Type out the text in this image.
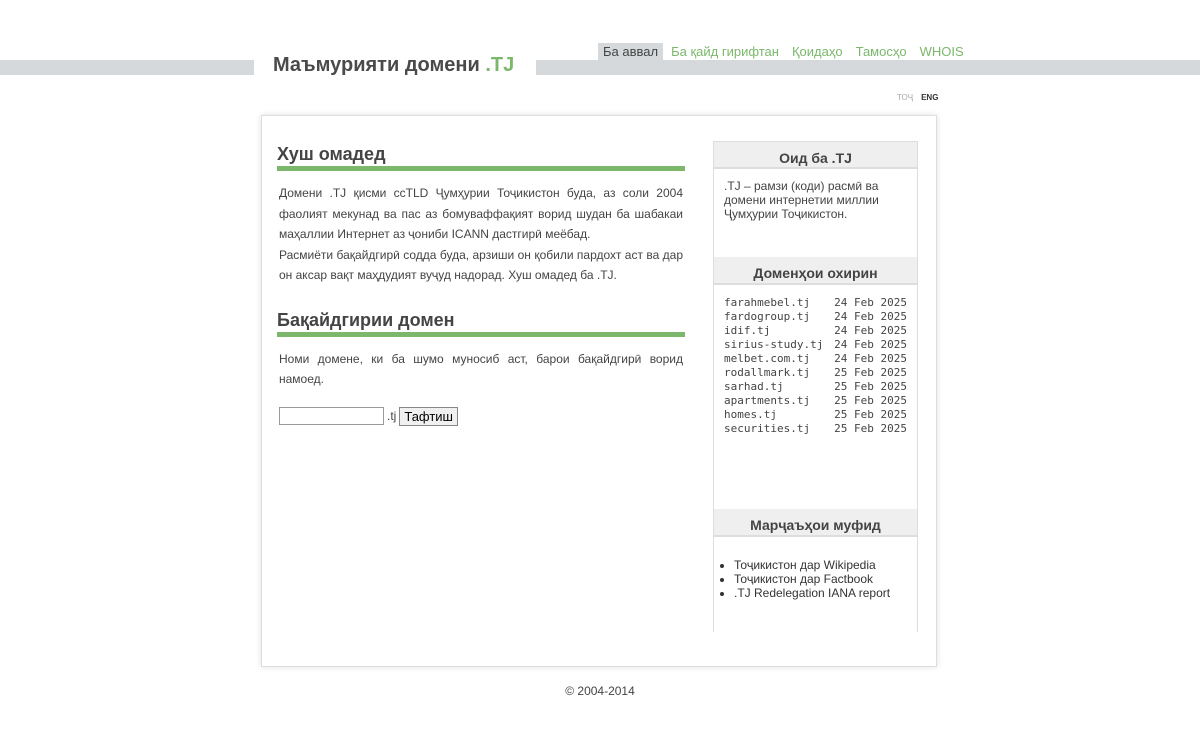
Маъмурияти домени .TJ
Ба аввал	Ба қайд гирифтан	Қоидаҳо	Тамосҳо	WHOIS
ТОҶ ENG
Хуш омадед

Домени .TJ қисми ccTLD Ҷумҳурии Тоҷикистон буда, аз соли 2004 фаолият мекунад ва пас аз бомуваффақият ворид шудан ба шабакаи маҳаллии Интернет аз ҷониби ICANN дастгирӣ меёбад.

Расмиёти бақайдгирӣ содда буда, арзиши он қобили пардохт аст ва дар он аксар вақт маҳдудият вуҷуд надорад. Хуш омадед ба .TJ.

Бақайдгирии домен

Номи домене, ки ба шумо муносиб аст, барои бақайдгирӣ ворид намоед.

.tj Тафтиш
Оид ба .TJ
.TJ – рамзи (коди) расмӣ ва домени интернетии миллии Ҷумҳурии Тоҷикистон.
Доменҳои охирин
farahmebel.tj 24 Feb 2025
fardogroup.tj 24 Feb 2025
idif.tj	24 Feb 2025
sirius-study.tj 24 Feb 2025
melbet.com.tj 24 Feb 2025
rodallmark.tj 25 Feb 2025
sarhad.tj	25 Feb 2025
apartments.tj 25 Feb 2025
homes.tj	25 Feb 2025
securities.tj 25 Feb 2025
Марҷаъҳои муфид
• Тоҷикистон дар Wikipedia
• Тоҷикистон дар Factbook
• .TJ Redelegation IANA report
© 2004-2014
